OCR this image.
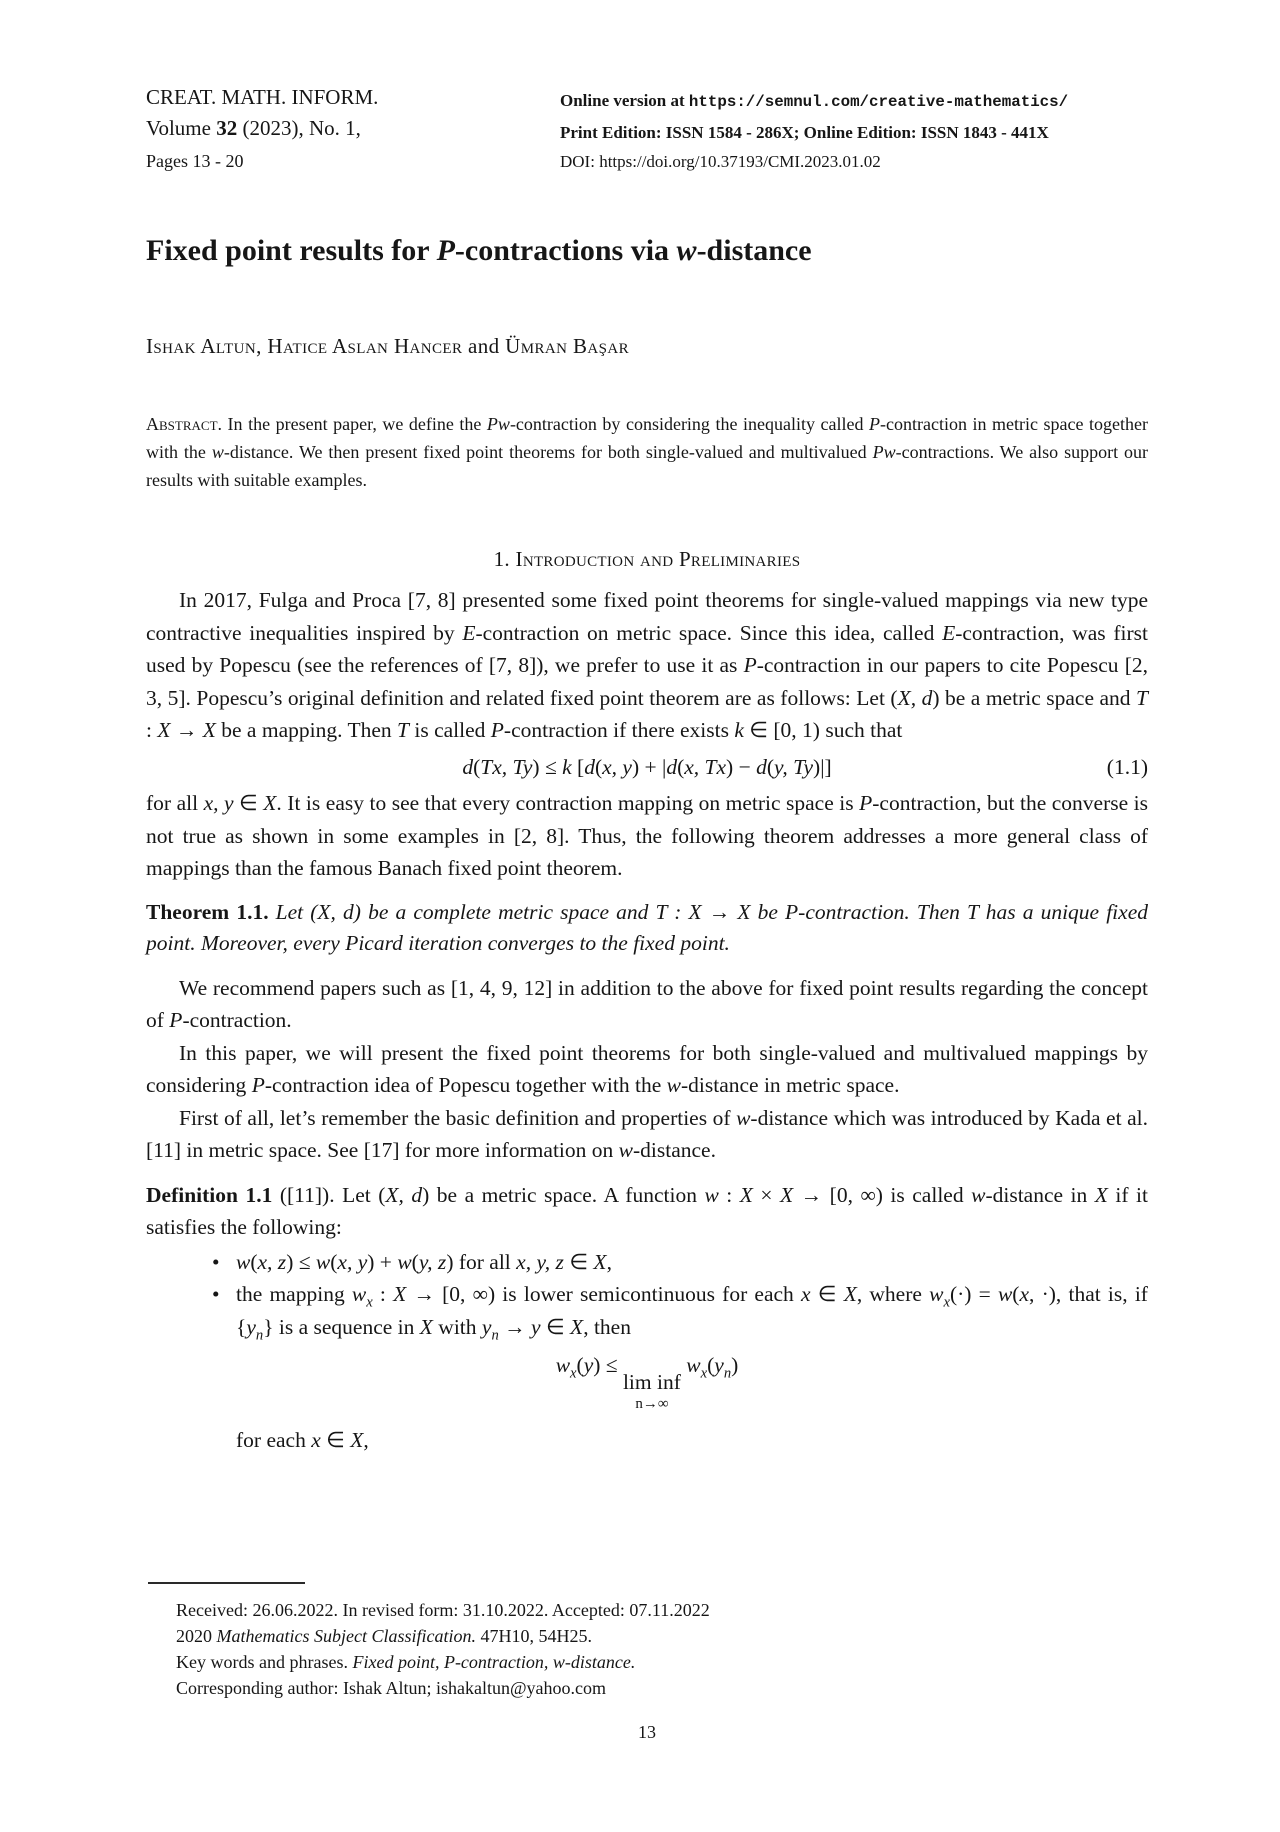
CREAT. MATH. INFORM.
Volume 32 (2023), No. 1,
Pages 13 - 20
Online version at https://semnul.com/creative-mathematics/
Print Edition: ISSN 1584 - 286X; Online Edition: ISSN 1843 - 441X
DOI: https://doi.org/10.37193/CMI.2023.01.02
Fixed point results for P-contractions via w-distance
Ishak Altun, Hatice Aslan Hancer and Ümran Başar
Abstract. In the present paper, we define the Pw-contraction by considering the inequality called P-contraction in metric space together with the w-distance. We then present fixed point theorems for both single-valued and multivalued Pw-contractions. We also support our results with suitable examples.
1. Introduction and Preliminaries
In 2017, Fulga and Proca [7, 8] presented some fixed point theorems for single-valued mappings via new type contractive inequalities inspired by E-contraction on metric space. Since this idea, called E-contraction, was first used by Popescu (see the references of [7, 8]), we prefer to use it as P-contraction in our papers to cite Popescu [2, 3, 5]. Popescu’s original definition and related fixed point theorem are as follows: Let (X, d) be a metric space and T : X → X be a mapping. Then T is called P-contraction if there exists k ∈ [0, 1) such that
d(Tx, Ty) ≤ k [d(x, y) + |d(x, Tx) − d(y, Ty)|]	(1.1)
for all x, y ∈ X. It is easy to see that every contraction mapping on metric space is P-contraction, but the converse is not true as shown in some examples in [2, 8]. Thus, the following theorem addresses a more general class of mappings than the famous Banach fixed point theorem.
Theorem 1.1. Let (X, d) be a complete metric space and T : X → X be P-contraction. Then T has a unique fixed point. Moreover, every Picard iteration converges to the fixed point.
We recommend papers such as [1, 4, 9, 12] in addition to the above for fixed point results regarding the concept of P-contraction.
In this paper, we will present the fixed point theorems for both single-valued and multivalued mappings by considering P-contraction idea of Popescu together with the w-distance in metric space.
First of all, let’s remember the basic definition and properties of w-distance which was introduced by Kada et al. [11] in metric space. See [17] for more information on w-distance.
Definition 1.1 ([11]). Let (X, d) be a metric space. A function w : X × X → [0, ∞) is called w-distance in X if it satisfies the following:
• w(x, z) ≤ w(x, y) + w(y, z) for all x, y, z ∈ X,
• the mapping $w_x$ : X → [0, ∞) is lower semicontinuous for each x ∈ X, where $w_x(\cdot) = w(x$, ·), that is, if $\{y_n\}$ is a sequence in X with $y_n \to y$ ∈ X, then
$w_x(y)$ ≤
lim inf
n→∞
$w_x(y_n)$
for each x ∈ X,
Received: 26.06.2022. In revised form: 31.10.2022. Accepted: 07.11.2022
2020 Mathematics Subject Classification. 47H10, 54H25.
Key words and phrases. Fixed point, P-contraction, w-distance.
Corresponding author: Ishak Altun; ishakaltun@yahoo.com
13
